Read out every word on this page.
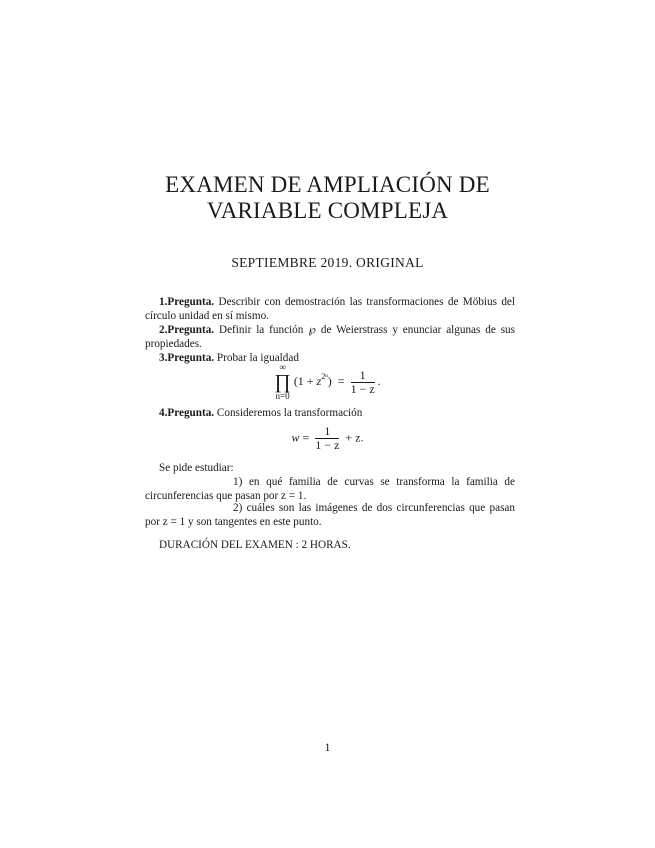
EXAMEN DE AMPLIACIÓN DE
VARIABLE COMPLEJA
SEPTIEMBRE 2019. ORIGINAL
1.Pregunta. Describir con demostración las transformaciones de Möbius del círculo unidad en sí mismo.
2.Pregunta. Definir la función ℘ de Weierstrass y enunciar algunas de sus propiedades.
3.Pregunta. Probar la igualdad
∞
∏
n=0 $(1 + z^{2^n}) = \frac{1}{1 - z}$ .
4.Pregunta. Consideremos la transformación
$w = \frac{1}{1 - z} + z$.
Se pide estudiar:
1) en qué familia de curvas se transforma la familia de circunferencias que pasan por z = 1.
2) cuáles son las imágenes de dos circunferencias que pasan por z = 1 y son tangentes en este punto.
DURACIÓN DEL EXAMEN : 2 HORAS.
1
